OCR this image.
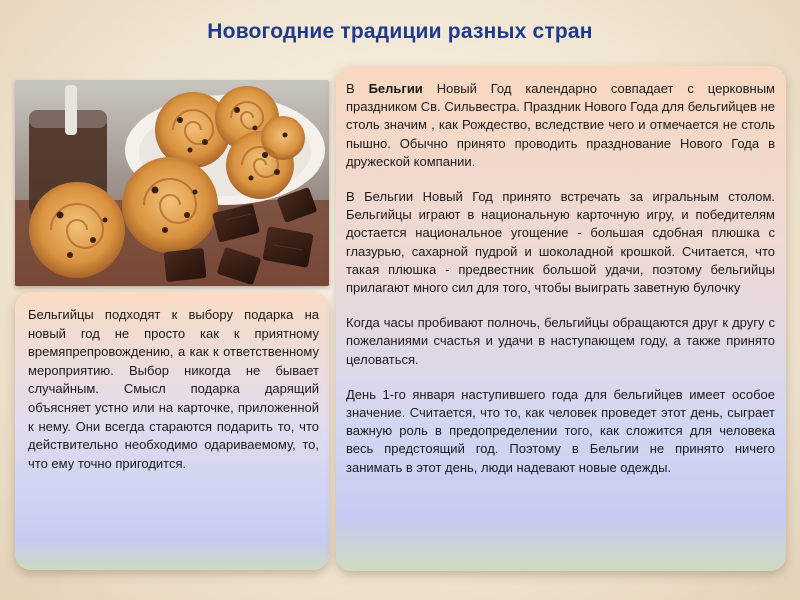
Новогодние традиции разных стран

Бельгийцы подходят к выбору подарка на новый год не просто как к приятному времяпрепровождению, а как к ответственному мероприятию. Выбор никогда не бывает случайным. Смысл подарка дарящий объясняет устно или на карточке, приложенной к нему. Они всегда стараются подарить то, что действительно необходимо одариваемому, то, что ему точно пригодится.

В Бельгии Новый Год календарно совпадает с церковным праздником Св. Сильвестра. Праздник Нового Года для бельгийцев не столь значим , как Рождество, вследствие чего и отмечается не столь пышно. Обычно принято проводить празднование Нового Года в дружеской компании.

В Бельгии Новый Год принято встречать за игральным столом. Бельгийцы играют в национальную карточную игру, и победителям достается национальное угощение - большая сдобная плюшка с глазурью, сахарной пудрой и шоколадной крошкой. Считается, что такая плюшка - предвестник большой удачи, поэтому бельгийцы прилагают много сил для того, чтобы выиграть заветную булочку

Когда часы пробивают полночь, бельгийцы обращаются друг к другу с пожеланиями счастья и удачи в наступающем году, а также принято целоваться.

День 1-го января наступившего года для бельгийцев имеет особое значение. Считается, что то, как человек проведет этот день, сыграет важную роль в предопределении того, как сложится для человека весь предстоящий год. Поэтому в Бельгии не принято ничего занимать в этот день, люди надевают новые одежды.
